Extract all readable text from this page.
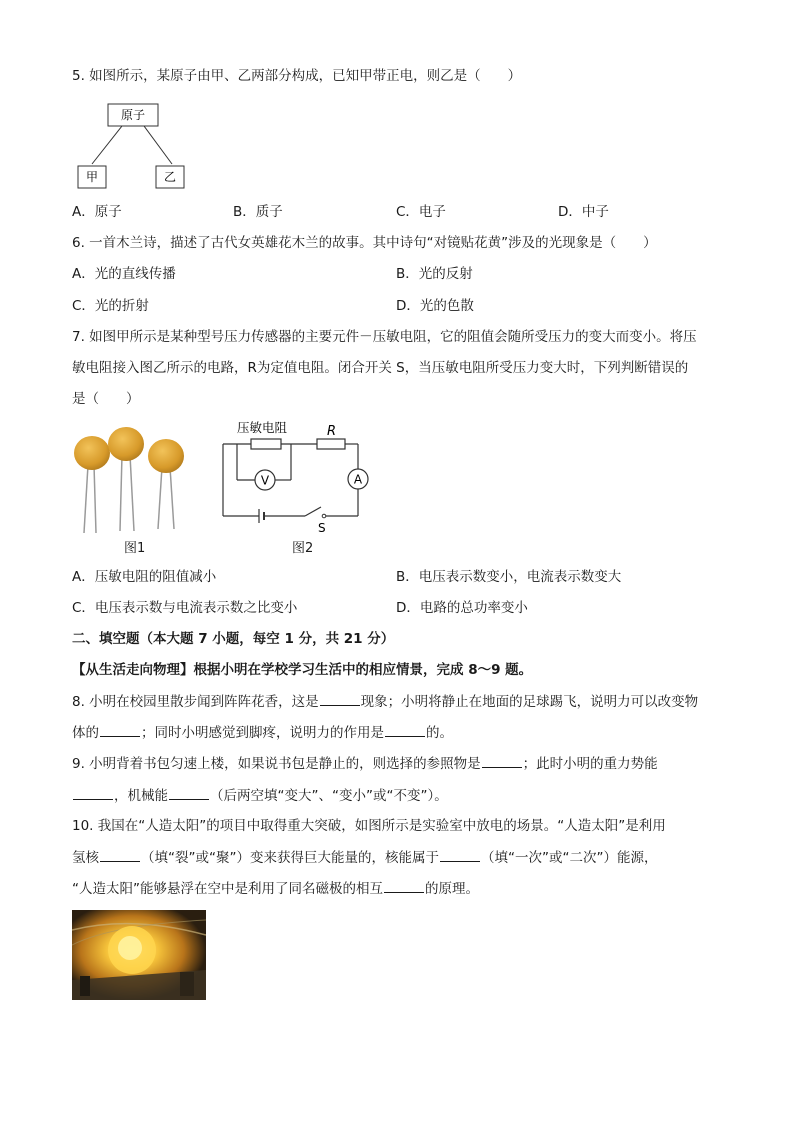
5. 如图所示，某原子由甲、乙两部分构成，已知甲带正电，则乙是（　　）
原子
甲	乙
A．原子	B．质子	C．电子	D．中子
6. 一首木兰诗，描述了古代女英雄花木兰的故事。其中诗句“对镜贴花黄”涉及的光现象是（　　）
A．光的直线传播	B．光的反射
C．光的折射	D．光的色散
7. 如图甲所示是某种型号压力传感器的主要元件－压敏电阻，它的阻值会随所受压力的变大而变小。将压
敏电阻接入图乙所示的电路，R为定值电阻。闭合开关 S，当压敏电阻所受压力变大时，下列判断错误的
是（　　）
图1
压敏电阻	R
V	A
S
图2
A．压敏电阻的阻值减小	B．电压表示数变小，电流表示数变大
C．电压表示数与电流表示数之比变小	D．电路的总功率变小
二、填空题（本大题 7 小题，每空 1 分，共 21 分）
【从生活走向物理】根据小明在学校学习生活中的相应情景，完成 8～9 题。
8. 小明在校园里散步闻到阵阵花香，这是	现象；小明将静止在地面的足球踢飞，说明力可以改变物
体的	；同时小明感觉到脚疼，说明力的作用是	的。
9. 小明背着书包匀速上楼，如果说书包是静止的，则选择的参照物是	；此时小明的重力势能
，机械能	（后两空填“变大”、“变小”或“不变”）。
10. 我国在“人造太阳”的项目中取得重大突破，如图所示是实验室中放电的场景。“人造太阳”是利用
氢核	（填“裂”或“聚”）变来获得巨大能量的，核能属于	（填“一次”或“二次”）能源，
“人造太阳”能够悬浮在空中是利用了同名磁极的相互	的原理。
